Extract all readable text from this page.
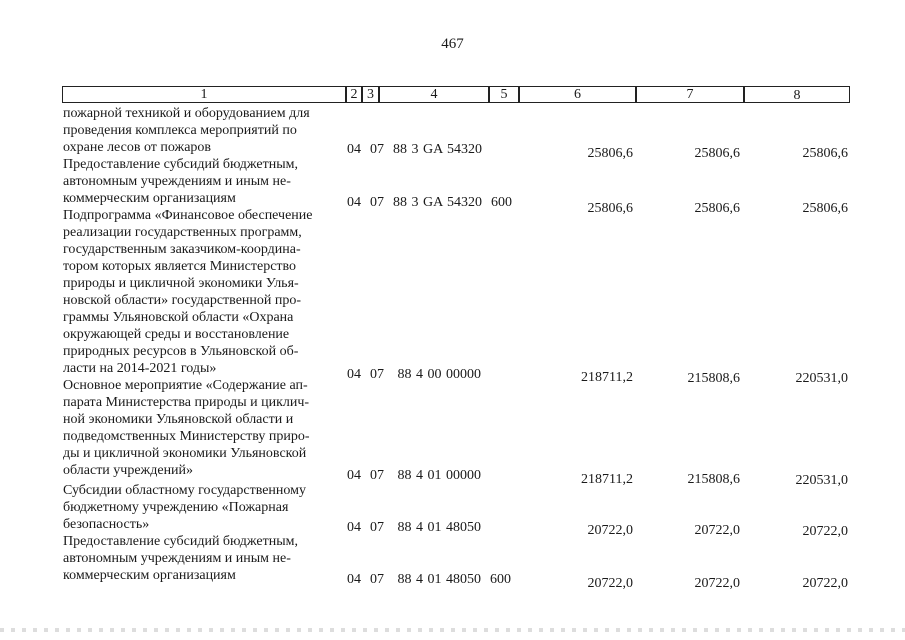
467
1	2 3	4	5	6	7	8
пожарной техникой и оборудованием для
проведения комплекса мероприятий по
охране лесов от пожаров	04  07  88 3 GA 54320	25806,6	25806,6	25806,6
Предоставление субсидий бюджетным,
автономным учреждениям и иным не-
коммерческим организациям	04  07  88 3 GA 54320  600	25806,6	25806,6	25806,6
Подпрограмма «Финансовое обеспечение
реализации государственных программ,
государственным заказчиком-координа-
тором которых является Министерство
природы и цикличной экономики Улья-
новской области» государственной про-
граммы Ульяновской области «Охрана
окружающей среды и восстановление
природных ресурсов в Ульяновской об-
ласти на 2014-2021 годы»	04  07   88 4 00 00000	218711,2	215808,6	220531,0
Основное мероприятие «Содержание ап-
парата Министерства природы и циклич-
ной экономики Ульяновской области и
подведомственных Министерству приро-
ды и цикличной экономики Ульяновской
области учреждений»	04  07   88 4 01 00000	218711,2	215808,6	220531,0
Субсидии областному государственному
бюджетному учреждению «Пожарная
безопасность»	04  07   88 4 01 48050	20722,0	20722,0	20722,0
Предоставление субсидий бюджетным,
автономным учреждениям и иным не-
коммерческим организациям	04  07   88 4 01 48050  600	20722,0	20722,0	20722,0
